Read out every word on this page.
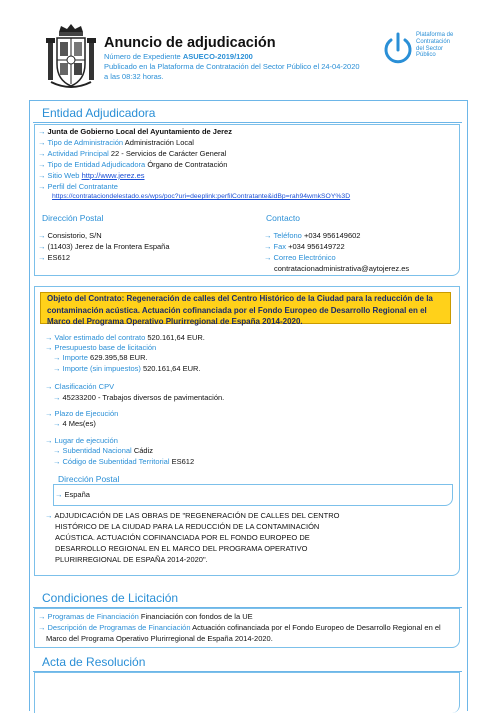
Anuncio de adjudicación
Número de Expediente ASUECO-2019/1200
Publicado en la Plataforma de Contratación del Sector Público el 24-04-2020
a las 08:32 horas.
Plataforma de
Contratación
del Sector
Público
Entidad Adjudicadora
→ Junta de Gobierno Local del Ayuntamiento de Jerez
→ Tipo de Administración Administración Local
→ Actividad Principal 22 - Servicios de Carácter General
→ Tipo de Entidad Adjudicadora Órgano de Contratación
→ Sitio Web http://www.jerez.es
→ Perfil del Contratante
https://contrataciondelestado.es/wps/poc?uri=deeplink:perfilContratante&idBp=rah94wmkSOY%3D
Dirección Postal
→ Consistorio, S/N
→ (11403) Jerez de la Frontera España
→ ES612
Contacto
→ Teléfono +034 956149602
→ Fax +034 956149722
→ Correo Electrónico
contratacionadministrativa@aytojerez.es
Objeto del Contrato: Regeneración de calles del Centro Histórico de la Ciudad para la reducción de la
contaminación acústica. Actuación cofinanciada por el Fondo Europeo de Desarrollo Regional en el
Marco del Programa Operativo Plurirregional de España 2014-2020.
→ Valor estimado del contrato 520.161,64 EUR.
→ Presupuesto base de licitación
→ Importe 629.395,58 EUR.
→ Importe (sin impuestos) 520.161,64 EUR.
→ Clasificación CPV
→ 45233200 - Trabajos diversos de pavimentación.
→ Plazo de Ejecución
→ 4 Mes(es)
→ Lugar de ejecución
→ Subentidad Nacional Cádiz
→ Código de Subentidad Territorial ES612
Dirección Postal
→ España
→ ADJUDICACIÓN DE LAS OBRAS DE "REGENERACIÓN DE CALLES DEL CENTRO
HISTÓRICO DE LA CIUDAD PARA LA REDUCCIÓN DE LA CONTAMINACIÓN
ACÚSTICA. ACTUACIÓN COFINANCIADA POR EL FONDO EUROPEO DE
DESARROLLO REGIONAL EN EL MARCO DEL PROGRAMA OPERATIVO
PLURIRREGIONAL DE ESPAÑA 2014-2020".
Condiciones de Licitación
→ Programas de Financiación Financiación con fondos de la UE
→ Descripción de Programas de Financiación Actuación cofinanciada por el Fondo Europeo de Desarrollo Regional en el
Marco del Programa Operativo Plurirregional de España 2014-2020.
Acta de Resolución
